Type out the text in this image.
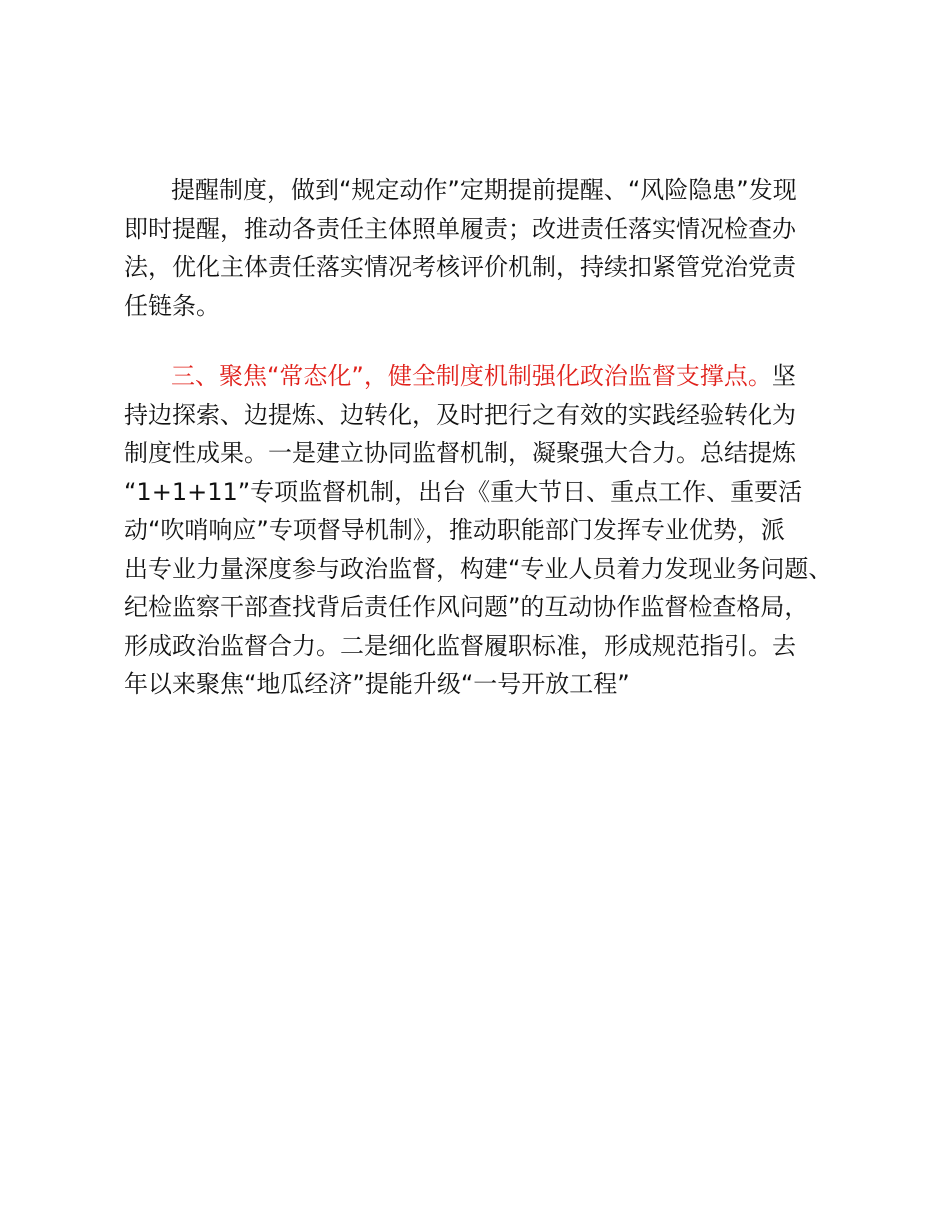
提醒制度，做到“规定动作”定期提前提醒、“风险隐患”发现
即时提醒，推动各责任主体照单履责；改进责任落实情况检查办
法，优化主体责任落实情况考核评价机制，持续扣紧管党治党责
任链条。
三、聚焦“常态化”，健全制度机制强化政治监督支撑点。坚
持边探索、边提炼、边转化，及时把行之有效的实践经验转化为
制度性成果。一是建立协同监督机制，凝聚强大合力。总结提炼
“1+1+11”专项监督机制，出台《重大节日、重点工作、重要活
动“吹哨响应”专项督导机制》，推动职能部门发挥专业优势，派
出专业力量深度参与政治监督，构建“专业人员着力发现业务问题、
纪检监察干部查找背后责任作风问题”的互动协作监督检查格局，
形成政治监督合力。二是细化监督履职标准，形成规范指引。去
年以来聚焦“地瓜经济”提能升级“一号开放工程”
